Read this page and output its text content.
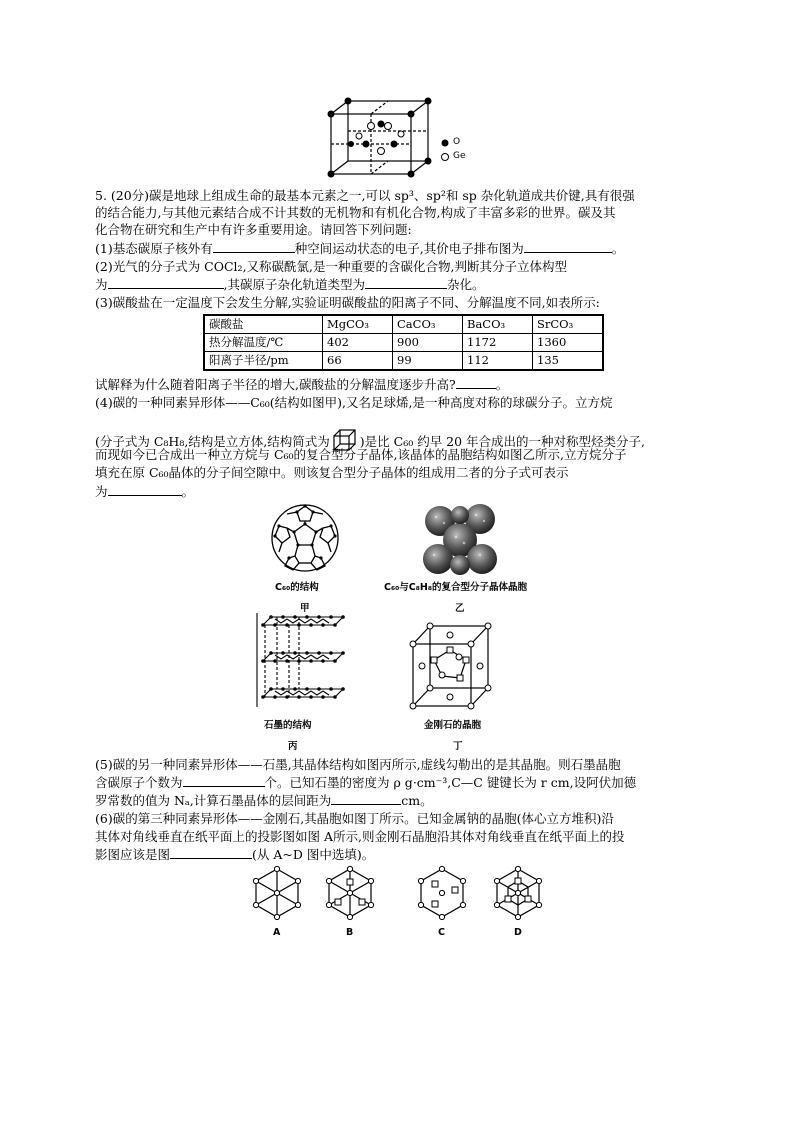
O
Ge
5. (20分)碳是地球上组成生命的最基本元素之一,可以 sp³、sp²和 sp 杂化轨道成共价键,具有很强
的结合能力,与其他元素结合成不计其数的无机物和有机化合物,构成了丰富多彩的世界。碳及其
化合物在研究和生产中有许多重要用途。请回答下列问题:
(1)基态碳原子核外有	种空间运动状态的电子,其价电子排布图为	。
(2)光气的分子式为 COCl₂,又称碳酰氯,是一种重要的含碳化合物,判断其分子立体构型
为	,其碳原子杂化轨道类型为	杂化。
(3)碳酸盐在一定温度下会发生分解,实验证明碳酸盐的阳离子不同、分解温度不同,如表所示:
碳酸盐	MgCO₃	CaCO₃	BaCO₃	SrCO₃
热分解温度/℃	402	900	1172	1360
阳离子半径/pm	66	99	112	135
试解释为什么随着阳离子半径的增大,碳酸盐的分解温度逐步升高?	。
(4)碳的一种同素异形体——C₆₀(结构如图甲),又名足球烯,是一种高度对称的球碳分子。立方烷
(分子式为 C₈H₈,结构是立方体,结构简式为 )是比 C₆₀ 约早 20 年合成出的一种对称型烃类分子,
而现如今已合成出一种立方烷与 C₆₀的复合型分子晶体,该晶体的晶胞结构如图乙所示,立方烷分子
填充在原 C₆₀晶体的分子间空隙中。则该复合型分子晶体的组成用二者的分子式可表示
为	。
C₆₀的结构
甲
C₆₀与C₈H₈的复合型分子晶体晶胞
乙
石墨的结构
丙
金刚石的晶胞
丁
(5)碳的另一种同素异形体——石墨,其晶体结构如图丙所示,虚线勾勒出的是其晶胞。则石墨晶胞
含碳原子个数为	个。已知石墨的密度为 ρ g·cm⁻³,C—C 键键长为 r cm,设阿伏加德
罗常数的值为 Nₐ,计算石墨晶体的层间距为	cm。
(6)碳的第三种同素异形体——金刚石,其晶胞如图丁所示。已知金属钠的晶胞(体心立方堆积)沿
其体对角线垂直在纸平面上的投影图如图 A所示,则金刚石晶胞沿其体对角线垂直在纸平面上的投
影图应该是图	(从 A~D 图中选填)。
A	B	C	D
